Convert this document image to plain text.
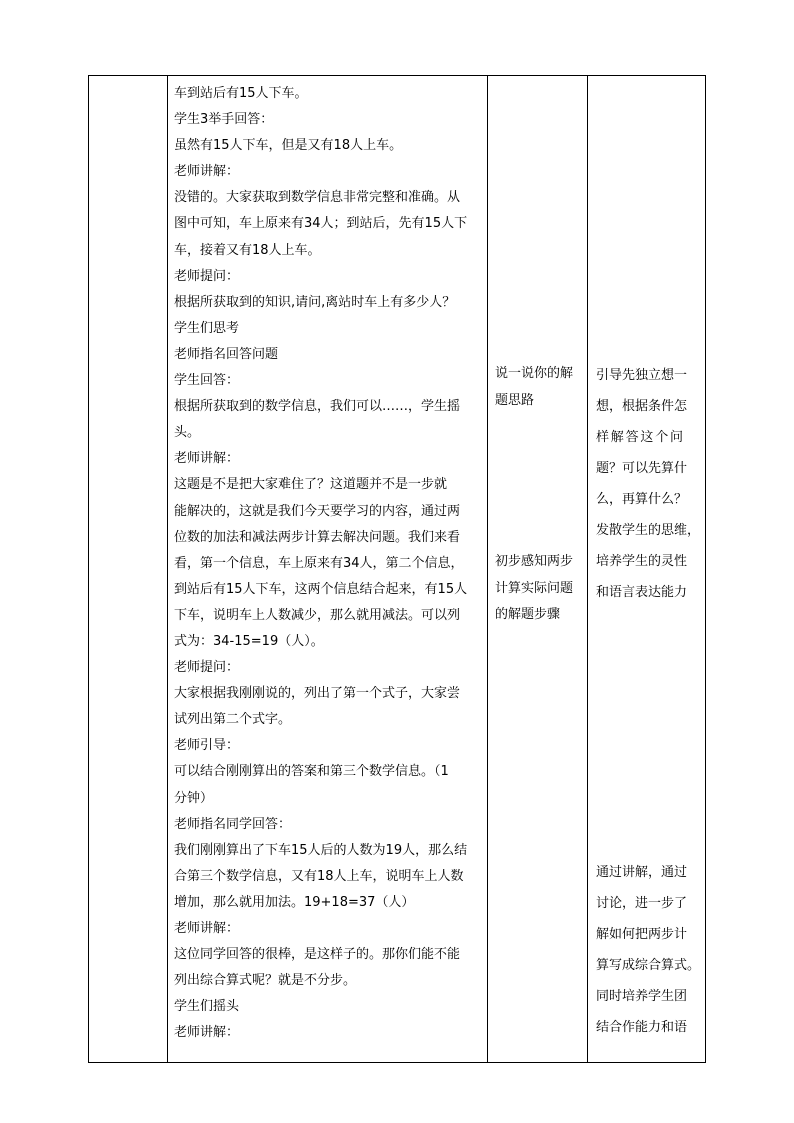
车到站后有15人下车。
学生3举手回答：
虽然有15人下车，但是又有18人上车。
老师讲解：
没错的。大家获取到数学信息非常完整和准确。从
图中可知，车上原来有34人；到站后，先有15人下
车，接着又有18人上车。
老师提问：
根据所获取到的知识,请问,离站时车上有多少人？
学生们思考
老师指名回答问题
学生回答：
根据所获取到的数学信息，我们可以……，学生摇
头。
老师讲解：
这题是不是把大家难住了？这道题并不是一步就
能解决的，这就是我们今天要学习的内容，通过两
位数的加法和减法两步计算去解决问题。我们来看
看，第一个信息，车上原来有34人，第二个信息，
到站后有15人下车，这两个信息结合起来，有15人
下车，说明车上人数减少，那么就用减法。可以列
式为：34-15=19（人）。
老师提问：
大家根据我刚刚说的，列出了第一个式子，大家尝
试列出第二个式字。
老师引导：
可以结合刚刚算出的答案和第三个数学信息。（1
分钟）
老师指名同学回答：
我们刚刚算出了下车15人后的人数为19人，那么结
合第三个数学信息，又有18人上车，说明车上人数
增加，那么就用加法。19+18=37（人）
老师讲解：
这位同学回答的很棒，是这样子的。那你们能不能
列出综合算式呢？就是不分步。
学生们摇头
老师讲解：
说一说你的解
题思路
初步感知两步
计算实际问题
的解题步骤
引导先独立想一
想，根据条件怎
样解答这个问
题？可以先算什
么，再算什么？
发散学生的思维，
培养学生的灵性
和语言表达能力
通过讲解，通过
讨论，进一步了
解如何把两步计
算写成综合算式。
同时培养学生团
结合作能力和语
